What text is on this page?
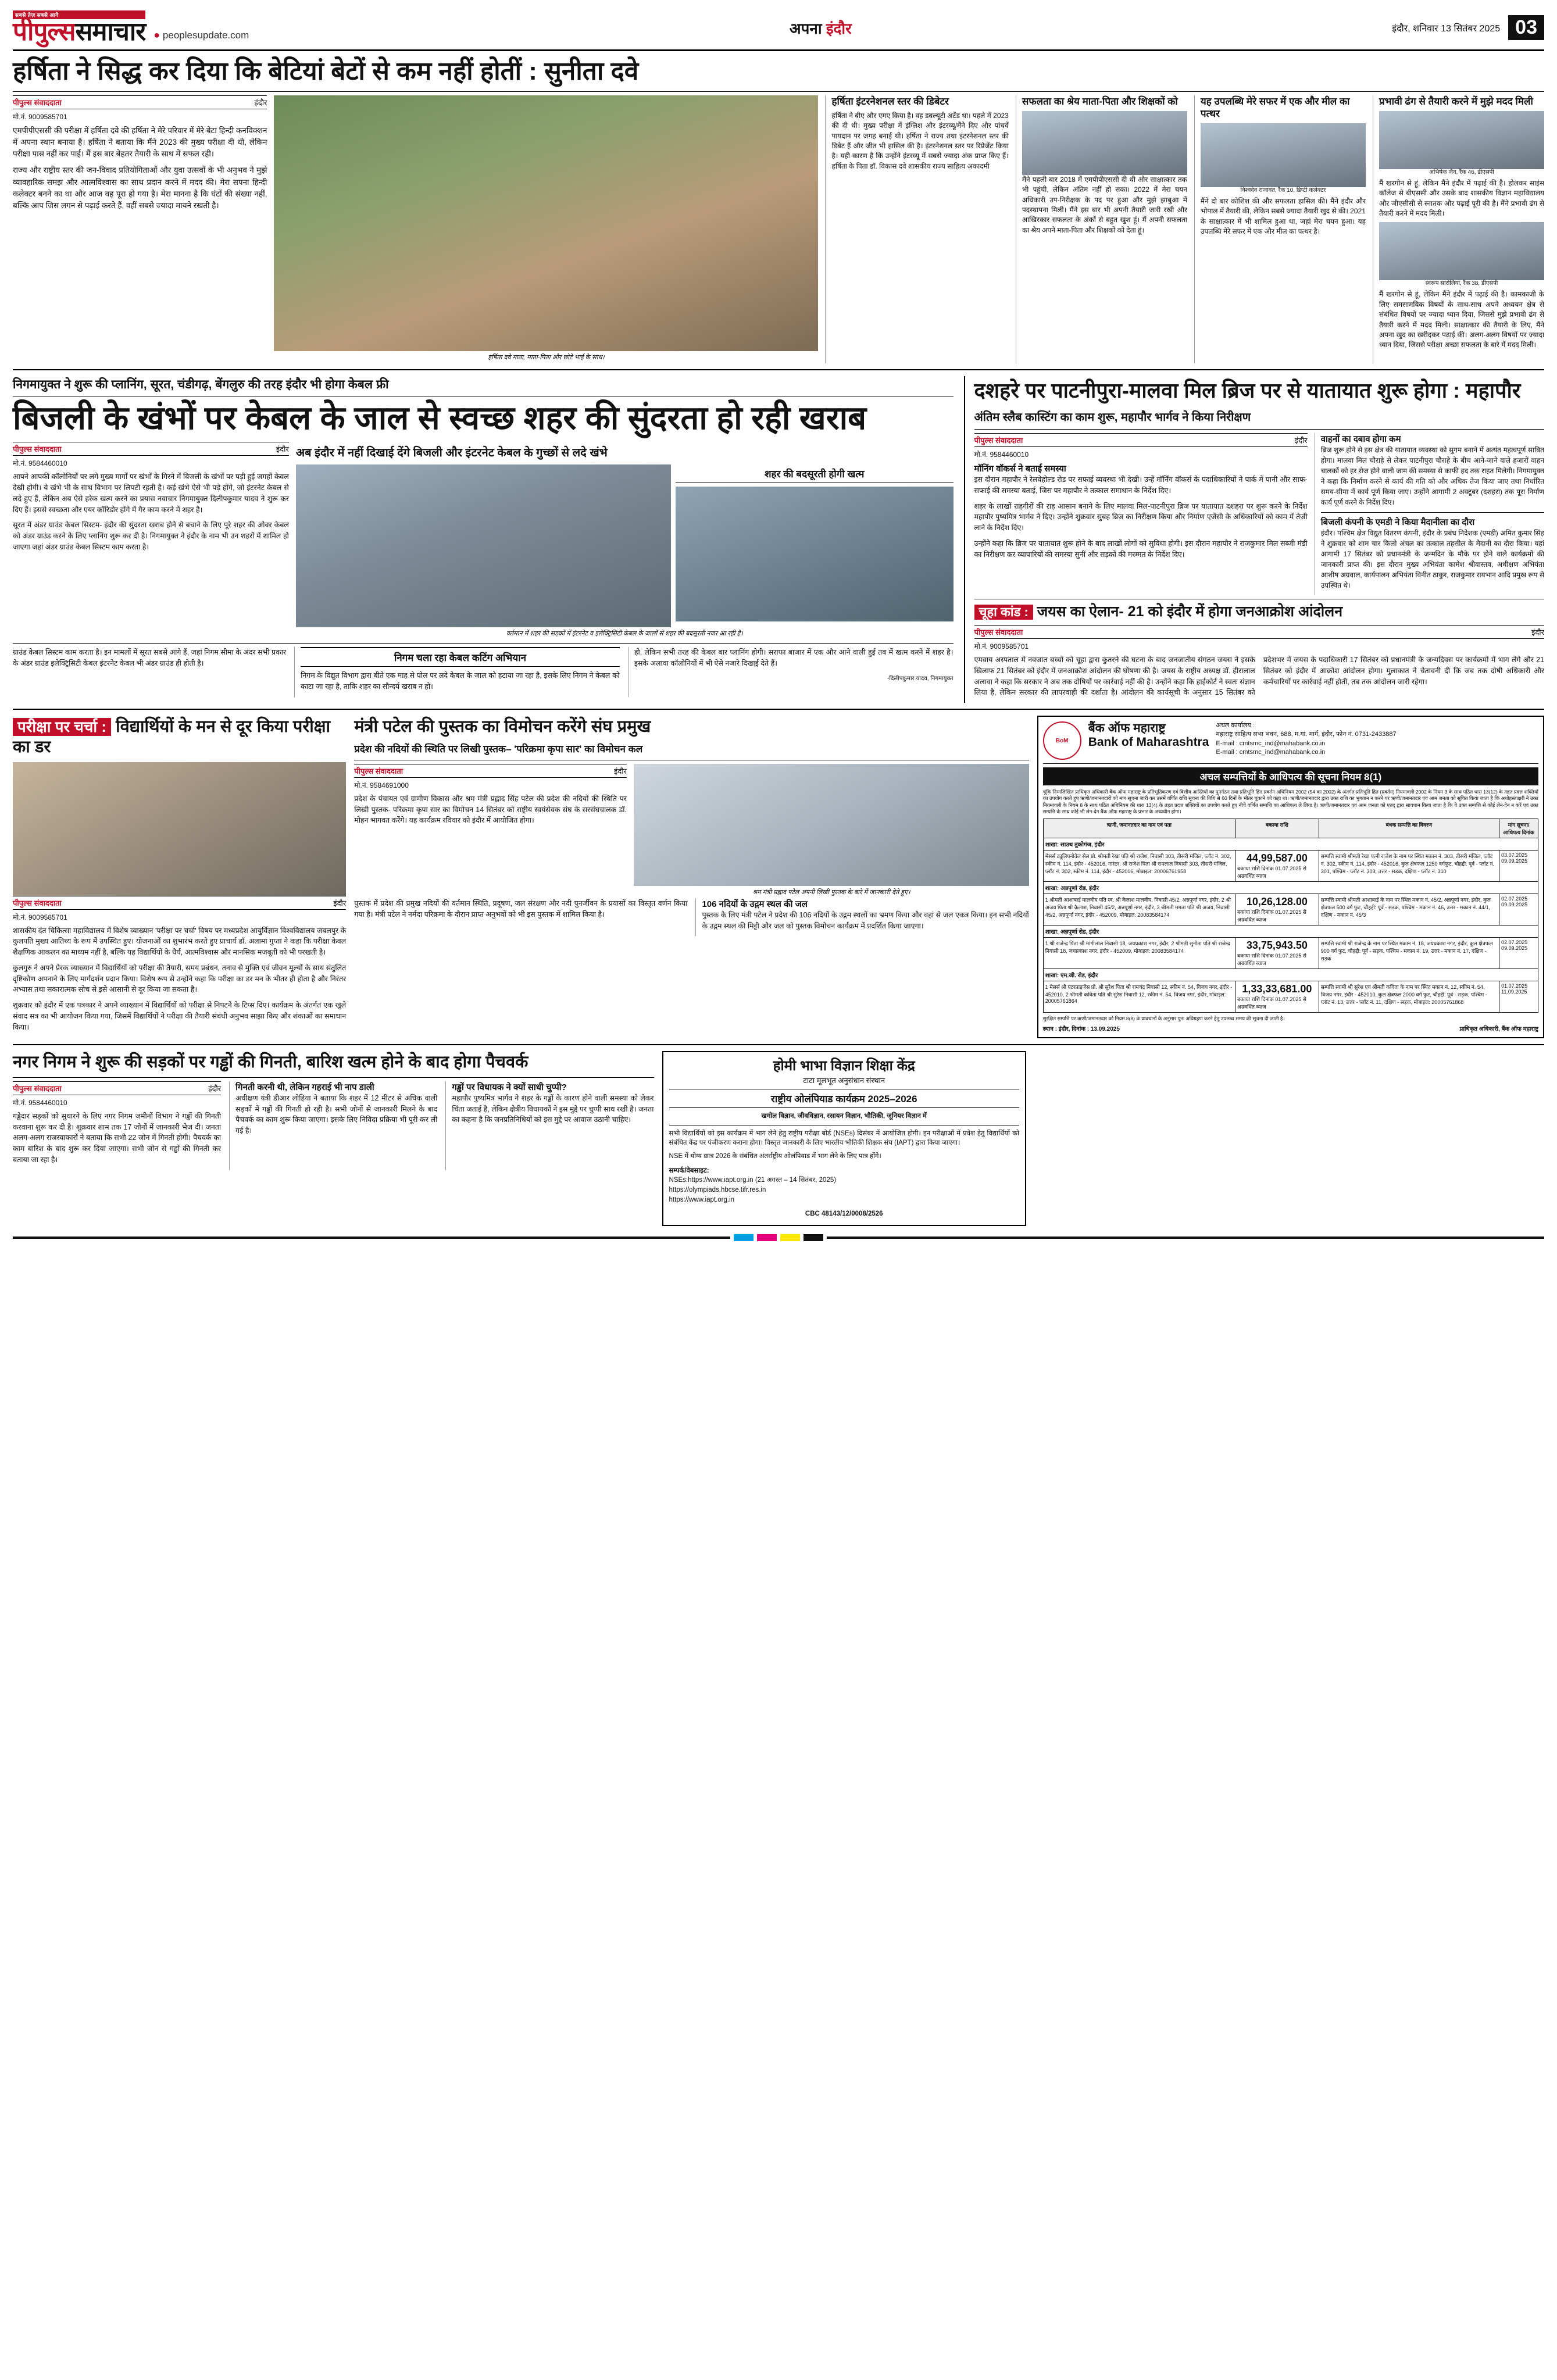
सबसे तेज़ सबसे आगे
पीपुल्ससमाचार ● peoplesupdate.com	अपना इंदौर	इंदौर, शनिवार 13 सितंबर 2025 03
हर्षिता ने सिद्ध कर दिया कि बेटियां बेटों से कम नहीं होतीं : सुनीता दवे
पीपुल्स संवाददाता	इंदौर
मो.नं. 9009585701

एमपीपीएससी की परीक्षा में हर्षिता दवे की हर्षिता ने मेरे परिवार में मेरे बेटा हिन्दी कनविक्शन में अपना स्थान बनाया है। हर्षिता ने बताया कि मैंने 2023 की मुख्य परीक्षा दी थी, लेकिन परीक्षा पास नहीं कर पाई। मैं इस बार बेहतर तैयारी के साथ में सफल रही।

राज्य और राष्ट्रीय स्तर की जन-विवाद प्रतियोगिताओं और युवा उत्सवों के भी अनुभव ने मुझे व्यावहारिक समझ और आत्मविश्वास का साथ प्रदान करने में मदद की। मेरा सपना हिन्दी कलेक्टर बनने का था और आज वह पूरा हो गया है। मेरा मानना है कि घंटों की संख्या नहीं, बल्कि आप जिस लगन से पढ़ाई करते हैं, वहीं सबसे ज्यादा मायने रखती है।

हर्षिता दवे माता, माता-पिता और छोटे भाई के साथ।
हर्षिता इंटरनेशनल स्तर की डिबेटर

हर्षिता ने बीए और एमए किया है। वह डबल्यूटी अटेंड था। पहले में 2023 की दी थी। मुख्य परीक्षा में इंग्लिश और इंटरव्यू/मैंने दिए और पांचवें पायदान पर जगह बनाई थी। हर्षिता ने राज्य तथा इंटरनेशनल स्तर की डिबेट हैं और जीत भी हासिल की है। इंटरनेशनल स्तर पर रिप्रेजेंट किया है। यही कारण है कि उन्होंने इंटरव्यू में सबसे ज्यादा अंक प्राप्त किए हैं। हर्षिता के पिता डॉ. विकास दवे शासकीय राज्य साहित्य अकादमी

सफलता का श्रेय माता-पिता और शिक्षकों को

मैंने पहली बार 2018 में एमपीपीएससी दी थी और साक्षात्कार तक भी पहुंची, लेकिन अंतिम नहीं हो सका। 2022 में मेरा चयन अधिकारी उप-निरीक्षक के पद पर हुआ और मुझे झाबुआ में पदस्थापना मिली। मैंने इस बार भी अपनी तैयारी जारी रखी और आखिरकार सफलता के अंकों से बहुत खुश हूं। मैं अपनी सफलता का श्रेय अपने माता-पिता और शिक्षकों को देता हूं।

यह उपलब्धि मेरे सफर में एक और मील का पत्थर
विश्वदेव राजावत, रैंक 10, डिप्टी कलेक्टर

मैंने दो बार कोशिश की और सफलता हासिल की। मैंने इंदौर और भोपाल में तैयारी की, लेकिन सबसे ज्यादा तैयारी खुद से की। 2021 के साक्षात्कार में भी शामिल हुआ था, जहां मेरा चयन हुआ। यह उपलब्धि मेरे सफर में एक और मील का पत्थर है।

प्रभावी ढंग से तैयारी करने में मुझे मदद मिली
अभिषेक जैन, रैंक 46, डीएसपी

मैं खरगोन से हूं, लेकिन मैंने इंदौर में पढ़ाई की है। होलकर साइंस कॉलेज से बीएससी और उसके बाद शासकीय विज्ञान महाविद्यालय और जीएसीसी से स्नातक और पढ़ाई पूरी की है। मैंने प्रभावी ढंग से तैयारी करने में मदद मिली।

स्वरूप सारोलिया, रैंक 38, डीएसपी

मैं खरगोन से हूं, लेकिन मैंने इंदौर में पढ़ाई की है। कामकाजी के लिए समसामयिक विषयों के साथ-साथ अपने अध्ययन क्षेत्र से संबंधित विषयों पर ज्यादा ध्यान दिया, जिससे मुझे प्रभावी ढंग से तैयारी करने में मदद मिली। साक्षात्कार की तैयारी के लिए, मैंने अपना खुद का खरीदकर पढ़ाई की। अलग-अलग विषयों पर ज्यादा ध्यान दिया, जिससे परीक्षा अच्छा सफलता के बारे में मदद मिली।

निगमायुक्त ने शुरू की प्लानिंग, सूरत, चंडीगढ़, बेंगलुरु की तरह इंदौर भी होगा केबल फ्री
बिजली के खंभों पर केबल के जाल से स्वच्छ शहर की सुंदरता हो रही खराब
पीपुल्स संवाददाता	इंदौर
मो.नं. 9584460010

आपने आपकी कॉलोनियों पर लगे मुख्य मार्गों पर खंभों के गिरने में बिजली के खंभों पर पड़ी हुई जगहों केवल देखी होगी। ये खंभे भी के साथ विभाग पर लिपटी रहती है। कई खंभे ऐसे भी पड़े होंगे, जो इंटरनेट केबल से लदे हुए हैं, लेकिन अब ऐसे हरेक खत्म करने का प्रयास नवाचार निगमायुक्त दिलीपकुमार यादव ने शुरू कर दिए हैं। इससे स्वच्छता और एयर कॉरिडोर होंगे में गैर काम करने में शहर है।

सूरत में अंडर ग्राउंड केबल सिस्टम- इंदौर की सुंदरता खराब होने से बचाने के लिए पूरे शहर की ओवर केबल को अंडर ग्राउंड करने के लिए प्लानिंग शुरू कर दी है। निगमायुक्त ने इंदौर के नाम भी उन शहरों में शामिल हो जाएगा जहां अंडर ग्राउंड केबल सिस्टम काम करता है।

अब इंदौर में नहीं दिखाई देंगे बिजली और इंटरनेट केबल के गुच्छों से लदे खंभे
शहर की बदसूरती होगी खत्म
वर्तमान में शहर की सड़कों में इंटरनेट व इलेक्ट्रिसिटी केबल के जालों से शहर की बदसूरती नजर आ रही है।

ग्राउंड केबल सिस्टम काम करता है। इन मामलों में सूरत सबसे आगे हैं, जहां निगम सीमा के अंदर सभी प्रकार के अंडर ग्राउंड इलेक्ट्रिसिटी केबल इंटरनेट केबल भी अंडर ग्राउंड ही होती है।	निगम चला रहा केबल कटिंग अभियान

निगम के विद्युत विभाग द्वारा बीते एक माह से पोल पर लदे केबल के जाल को हटाया जा रहा है, इसके लिए निगम ने केबल को काटा जा रहा है, ताकि शहर का सौन्दर्य खराब न हो।

हो, लेकिन सभी तरह की केबल बार प्लानिंग होगी। सराफा बाजार में एक और आने वाली हुई तब में खत्म करने में शहर है। इसके अलावा कॉलोनियों में भी ऐसे नजारे दिखाई देते हैं।

-दिलीपकुमार यादव, निगमायुक्त
दशहरे पर पाटनीपुरा-मालवा मिल ब्रिज पर से यातायात शुरू होगा : महापौर
अंतिम स्लैब कास्टिंग का काम शुरू, महापौर भार्गव ने किया निरीक्षण
पीपुल्स संवाददाता	इंदौर
मो.नं. 9584460010
मॉनिंग वॉकर्स ने बताई समस्या

इस दौरान महापौर ने रेलवेहोल्ड रोड पर सफाई व्यवस्था भी देखी। उन्हें मॉर्निंग वॉकर्स के पदाधिकारियों ने पार्क में पानी और साफ-सफाई की समस्या बताई, जिस पर महापौर ने तत्काल समाधान के निर्देश दिए।

शहर के लाखों राहगीरों की राह आसान बनाने के लिए मालवा मिल-पाटनीपुरा ब्रिज पर यातायात दशहरा पर शुरू करने के निर्देश महापौर पुष्यमित्र भार्गव ने दिए। उन्होंने शुक्रवार सुबह ब्रिज का निरीक्षण किया और निर्माण एजेंसी के अधिकारियों को काम में तेजी लाने के निर्देश दिए।

उन्होंने कहा कि ब्रिज पर यातायात शुरू होने के बाद लाखों लोगों को सुविधा होगी। इस दौरान महापौर ने राजकुमार मिल सब्जी मंडी का निरीक्षण कर व्यापारियों की समस्या सुनीं और सड़कों की मरम्मत के निर्देश दिए।

वाहनों का दबाव होगा कम

ब्रिज शुरू होने से इस क्षेत्र की यातायात व्यवस्था को सुगम बनाने में अत्यंत महत्वपूर्ण साबित होगा। मालवा मिल चौराहे से लेकर पाटनीपुरा चौराहे के बीच आने-जाने वाले हजारों वाहन चालकों को हर रोज होने वाली जाम की समस्या से काफी हद तक राहत मिलेगी। निगमायुक्त ने कहा कि निर्माण करने से कार्य की गति को और अधिक तेज किया जाए तथा निर्धारित समय-सीमा में कार्य पूर्ण किया जाए। उन्होंने आगामी 2 अक्टूबर (दशहरा) तक पूरा निर्माण कार्य पूर्ण करने के निर्देश दिए।

बिजली कंपनी के एमडी ने किया मैदानीला का दौरा

इंदौर। पश्चिम क्षेत्र विद्युत वितरण कंपनी, इंदौर के प्रबंध निदेशक (एमडी) अमित कुमार सिंह ने शुक्रवार को शाम चार किलो अंचल का तत्काल तहसील के मैदानी का दौरा किया। यहां आगामी 17 सितंबर को प्रधानमंत्री के जन्मदिन के मौके पर होने वाले कार्यक्रमों की जानकारी प्राप्त की। इस दौरान मुख्य अभियंता कामेश श्रीवास्तव, अधीक्षण अभियंता आशीष अग्रवाल, कार्यपालन अभियंता विनीत ठाकुर, राजकुमार रायभान आदि प्रमुख रूप से उपस्थित थे।

चूहा कांड : जयस का ऐलान- 21 को इंदौर में होगा जनआक्रोश आंदोलन
पीपुल्स संवाददाता	इंदौर
मो.नं. 9009585701

एमवाय अस्पताल में नवजात बच्चों को चूहा द्वारा कुतरने की घटना के बाद जनजातीय संगठन जयस ने इसके खिलाफ 21 सितंबर को इंदौर में जनआक्रोश आंदोलन की घोषणा की है। जयस के राष्ट्रीय अध्यक्ष डॉ. हीरालाल अलावा ने कहा कि सरकार ने अब तक दोषियों पर कार्रवाई नहीं की है। उन्होंने कहा कि हाईकोर्ट ने स्वतः संज्ञान लिया है, लेकिन सरकार की लापरवाही की दर्शाता है। आंदोलन की कार्यसूची के अनुसार 15 सितंबर को प्रदेशभर में जयस के पदाधिकारी 17 सितंबर को प्रधानमंत्री के जन्मदिवस पर कार्यक्रमों में भाग लेंगे और 21 सितंबर को इंदौर में आक्रोश आंदोलन होगा। मुलाकात ने चेतावनी दी कि जब तक दोषी अधिकारी और कर्मचारियों पर कार्रवाई नहीं होती, तब तक आंदोलन जारी रहेगा।

परीक्षा पर चर्चा : विद्यार्थियों के मन से दूर किया परीक्षा का डर
पीपुल्स संवाददाता	इंदौर
मो.नं. 9009585701

शासकीय दंत चिकित्सा महाविद्यालय में विशेष व्याख्यान 'परीक्षा पर चर्चा' विषय पर मध्यप्रदेश आयुर्विज्ञान विश्वविद्यालय जबलपुर के कुलपति मुख्य आतिथ्य के रूप में उपस्थित हुए। योजनाओं का शुभारंभ करते हुए प्राचार्य डॉ. अलामा गुप्ता ने कहा कि परीक्षा केवल शैक्षणिक आकलन का माध्यम नहीं है, बल्कि यह विद्यार्थियों के धैर्य, आत्मविश्वास और मानसिक मजबूती को भी परखती है।

कुलगुरु ने अपने प्रेरक व्याख्यान में विद्यार्थियों को परीक्षा की तैयारी, समय प्रबंधन, तनाव से मुक्ति एवं जीवन मूल्यों के साथ संतुलित दृष्टिकोण अपनाने के लिए मार्गदर्शन प्रदान किया। विशेष रूप से उन्होंने कहा कि परीक्षा का डर मन के भीतर ही होता है और निरंतर अभ्यास तथा सकारात्मक सोच से इसे आसानी से दूर किया जा सकता है।

शुक्रवार को इंदौर में एक पत्रकार ने अपने व्याख्यान में विद्यार्थियों को परीक्षा से निपटने के टिप्स दिए। कार्यक्रम के अंतर्गत एक खुले संवाद सत्र का भी आयोजन किया गया, जिसमें विद्यार्थियों ने परीक्षा की तैयारी संबंधी अनुभव साझा किए और शंकाओं का समाधान किया।

मंत्री पटेल की पुस्तक का विमोचन करेंगे संघ प्रमुख
प्रदेश की नदियों की स्थिति पर लिखी पुस्तक– 'परिक्रमा कृपा सार' का विमोचन कल
पीपुल्स संवाददाता	इंदौर
मो.नं. 9584691000

प्रदेश के पंचायत एवं ग्रामीण विकास और श्रम मंत्री प्रह्लाद सिंह पटेल की प्रदेश की नदियों की स्थिति पर लिखी पुस्तक- परिक्रमा कृपा सार का विमोचन 14 सितंबर को राष्ट्रीय स्वयंसेवक संघ के सरसंघचालक डॉ. मोहन भागवत करेंगे। यह कार्यक्रम रविवार को इंदौर में आयोजित होगा।

श्रम मंत्री प्रह्लाद पटेल अपनी लिखी पुस्तक के बारे में जानकारी देते हुए।

पुस्तक में प्रदेश की प्रमुख नदियों की वर्तमान स्थिति, प्रदूषण, जल संरक्षण और नदी पुनर्जीवन के प्रयासों का विस्तृत वर्णन किया गया है। मंत्री पटेल ने नर्मदा परिक्रमा के दौरान प्राप्त अनुभवों को भी इस पुस्तक में शामिल किया है।

106 नदियों के उद्गम स्थल की जल

पुस्तक के लिए मंत्री पटेल ने प्रदेश की 106 नदियों के उद्गम स्थलों का भ्रमण किया और वहां से जल एकत्र किया। इन सभी नदियों के उद्गम स्थल की मिट्टी और जल को पुस्तक विमोचन कार्यक्रम में प्रदर्शित किया जाएगा।

BoM
बैंक ऑफ महाराष्ट्र
Bank of Maharashtra
अचल कार्यालय :
महाराष्ट्र साहित्य सभा भवन, 688, म.गां. मार्ग, इंदौर, फोन नं. 0731-2433887
E-mail : cmtsmc_ind@mahabank.co.in
E-mail : cmtsmc_ind@mahabank.co.in
अचल सम्पत्तियों के आधिपत्य की सूचना नियम 8(1)
चूंकि निम्नलिखित प्राधिकृत अधिकारी बैंक ऑफ महाराष्ट्र के प्रतिभूतिकरण एवं वित्तीय आस्तियों का पुनर्गठन तथा प्रतिभूति हित प्रवर्तन अधिनियम 2002 (54 का 2002) के अंतर्गत प्रतिभूति हित (प्रवर्तन) नियमावली 2002 के नियम 3 के साथ पठित धारा 13(12) के तहत प्रदत्त शक्तियों का उपयोग करते हुए ऋणी/जमानतदारों को मांग सूचना जारी कर उसमें वर्णित राशि सूचना की तिथि से 60 दिनों के भीतर चुकाने को कहा था। ऋणी/जमानतदार द्वारा उक्त राशि का भुगतान न करने पर ऋणी/जमानतदार एवं आम जनता को सूचित किया जाता है कि अधोहस्ताक्षरी ने उक्त नियमावली के नियम 8 के साथ पठित अधिनियम की धारा 13(4) के तहत प्रदत्त शक्तियों का उपयोग करते हुए नीचे वर्णित सम्पत्ति का आधिपत्य ले लिया है। ऋणी/जमानतदार एवं आम जनता को एतद् द्वारा सावधान किया जाता है कि वे उक्त सम्पत्ति से कोई लेन-देन न करें एवं उक्त सम्पत्ति के साथ कोई भी लेन-देन बैंक ऑफ महाराष्ट्र के प्रभार के अध्यधीन होगा।
ऋणी, जमानतदार का नाम एवं पता	बकाया राशि	बंधक सम्पत्ति का विवरण	मांग सूचना/आधिपत्य दिनांक
शाखा: साउथ तुकोगंज, इंदौर			
मेसर्स ट्यूलिपनोवेल सेल प्रो. श्रीमती रेखा पति श्री राजेश, निवासी 303, तीसरी मंजिल, प्लॉट नं. 302, स्कीम नं. 114, इंदौर - 452016, गारंटर: श्री राजेश पिता श्री रामलाल निवासी 303, तीसरी मंजिल, प्लॉट नं. 302, स्कीम नं. 114, इंदौर - 452016, मोबाइल: 20006761958	
44,99,587.00
बकाया राशि दिनांक 01.07.2025 से अग्रवर्धित ब्याज
	सम्पत्ति स्वामी श्रीमती रेखा पत्नी राजेश के नाम पर स्थित मकान नं. 303, तीसरी मंजिल, प्लॉट नं. 302, स्कीम नं. 114, इंदौर - 452016, कुल क्षेत्रफल 1250 वर्गफुट, चौहद्दी: पूर्व - प्लॉट नं. 301, पश्चिम - प्लॉट नं. 303, उत्तर - सड़क, दक्षिण - प्लॉट नं. 310	
03.07.2025
09.09.2025

शाखा: अन्नपूर्णा रोड, इंदौर			
1 श्रीमती आशाबाई मालवीय पति स्व. श्री कैलाश मालवीय, निवासी 45/2, अन्नपूर्णा नगर, इंदौर, 2 श्री अजय पिता श्री कैलाश, निवासी 45/2, अन्नपूर्णा नगर, इंदौर, 3 श्रीमती ममता पति श्री अजय, निवासी 45/2, अन्नपूर्णा नगर, इंदौर - 452009, मोबाइल: 20083584174	
10,26,128.00
बकाया राशि दिनांक 01.07.2025 से अग्रवर्धित ब्याज
	सम्पत्ति स्वामी श्रीमती आशाबाई के नाम पर स्थित मकान नं. 45/2, अन्नपूर्णा नगर, इंदौर, कुल क्षेत्रफल 500 वर्ग फुट, चौहद्दी: पूर्व - सड़क, पश्चिम - मकान नं. 46, उत्तर - मकान नं. 44/1, दक्षिण - मकान नं. 45/3	
02.07.2025
09.09.2025

शाखा: अन्नपूर्णा रोड, इंदौर			
1 श्री राजेन्द्र पिता श्री मांगीलाल निवासी 18, जयप्रकाश नगर, इंदौर, 2 श्रीमती सुनीता पति श्री राजेन्द्र निवासी 18, जयप्रकाश नगर, इंदौर - 452009, मोबाइल: 20083584174	33,75,943.50
बकाया राशि दिनांक 01.07.2025 से अग्रवर्धित ब्याज
	सम्पत्ति स्वामी श्री राजेन्द्र के नाम पर स्थित मकान नं. 18, जयप्रकाश नगर, इंदौर, कुल क्षेत्रफल 900 वर्ग फुट, चौहद्दी: पूर्व - सड़क, पश्चिम - मकान नं. 19, उत्तर - मकान नं. 17, दक्षिण - सड़क	
02.07.2025
09.09.2025

शाखा: एम.जी. रोड, इंदौर			
1 मेसर्स श्री एंटरप्राइजेस प्रो. श्री सुरेश पिता श्री रामचंद्र निवासी 12, स्कीम नं. 54, विजय नगर, इंदौर - 452010, 2 श्रीमती कविता पति श्री सुरेश निवासी 12, स्कीम नं. 54, विजय नगर, इंदौर, मोबाइल: 20005761864	
1,33,33,681.00
बकाया राशि दिनांक 01.07.2025 से अग्रवर्धित ब्याज
	सम्पत्ति स्वामी श्री सुरेश एवं श्रीमती कविता के नाम पर स्थित मकान नं. 12, स्कीम नं. 54, विजय नगर, इंदौर - 452010, कुल क्षेत्रफल 2000 वर्ग फुट, चौहद्दी: पूर्व - सड़क, पश्चिम - प्लॉट नं. 13, उत्तर - प्लॉट नं. 11, दक्षिण - सड़क, मोबाइल: 20005761868	
01.07.2025
11.09.2025
सुरक्षित सम्पत्ति पर ऋणी/जमानतदार को नियम 8(8) के प्रावधानों के अनुसार पुनः अधिग्रहण करने हेतु उपलब्ध समय की सूचना दी जाती है।
स्थान : इंदौर, दिनांक : 13.09.2025	प्राधिकृत अधिकारी, बैंक ऑफ महाराष्ट्र
नगर निगम ने शुरू की सड़कों पर गड्ढों की गिनती, बारिश खत्म होने के बाद होगा पैचवर्क
पीपुल्स संवाददाता	इंदौर
मो.नं. 9584460010

गड्ढेदार सड़कों को सुधारने के लिए नगर निगम जमीनों विभाग ने गड्ढों की गिनती करवाना शुरू कर दी है। शुक्रवार शाम तक 17 जोनों में जानकारी भेज दी। जनता अलग-अलग राजस्वाकारों ने बताया कि सभी 22 जोन में गिनती होगी। पैचवर्क का काम बारिश के बाद शुरू कर दिया जाएगा। सभी जोन से गड्ढों की गिनती कर बताया जा रहा है।

गिनती करनी थी, लेकिन गहराई भी नाप डाली

अधीक्षण यंत्री डीआर लोहिया ने बताया कि शहर में 12 मीटर से अधिक वाली सड़कों में गड्ढों की गिनती हो रही है। सभी जोनों से जानकारी मिलने के बाद पैचवर्क का काम शुरू किया जाएगा। इसके लिए निविदा प्रक्रिया भी पूरी कर ली गई है।

गड्ढों पर विधायक ने क्यों साधी चुप्पी?

महापौर पुष्यमित्र भार्गव ने शहर के गड्ढों के कारण होने वाली समस्या को लेकर चिंता जताई है, लेकिन क्षेत्रीय विधायकों ने इस मुद्दे पर चुप्पी साध रखी है। जनता का कहना है कि जनप्रतिनिधियों को इस मुद्दे पर आवाज उठानी चाहिए।

होमी भाभा विज्ञान शिक्षा केंद्र
टाटा मूलभूत अनुसंधान संस्थान
राष्ट्रीय ओलंपियाड कार्यक्रम 2025–2026
खगोल विज्ञान, जीवविज्ञान, रसायन विज्ञान, भौतिकी, जूनियर विज्ञान में
सभी विद्यार्थियों को इस कार्यक्रम में भाग लेने हेतु राष्ट्रीय परीक्षा बोर्ड (NSEs) दिसंबर में आयोजित होगी। इन परीक्षाओं में प्रवेश हेतु विद्यार्थियों को संबंधित केंद्र पर पंजीकरण कराना होगा। विस्तृत जानकारी के लिए भारतीय भौतिकी शिक्षक संघ (IAPT) द्वारा किया जाएगा।
NSE में योग्य छात्र 2026 के संबंधित अंतर्राष्ट्रीय ओलंपियाड में भाग लेने के लिए पात्र होंगे।
सम्पर्क/वेबसाइट:
NSEs:https://www.iapt.org.in (21 अगस्त – 14 सितंबर, 2025)
https://olympiads.hbcse.tifr.res.in
https://www.iapt.org.in
CBC 48143/12/0008/2526
